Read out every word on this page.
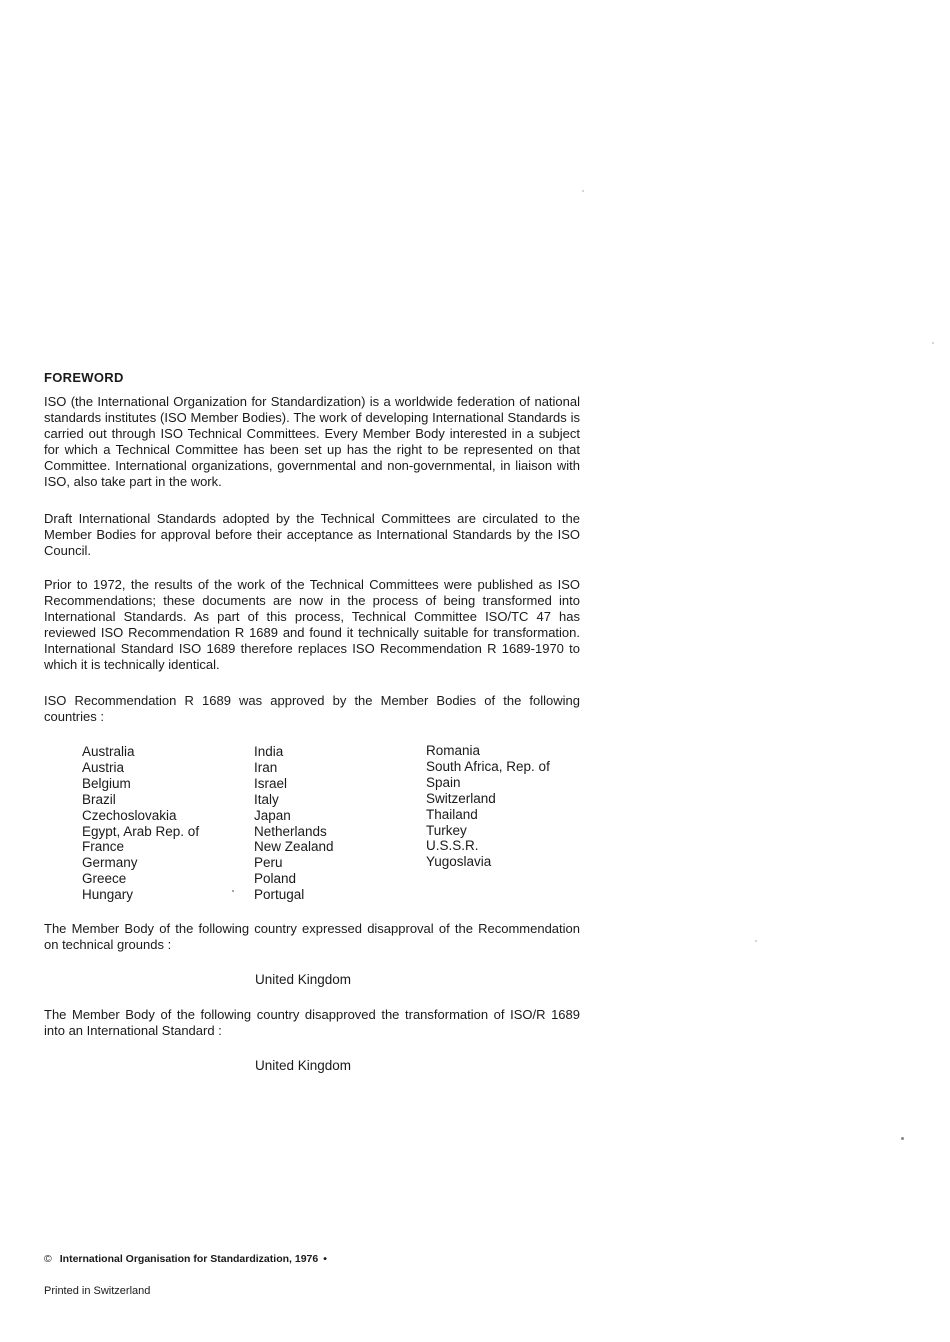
FOREWORD

ISO (the International Organization for Standardization) is a worldwide federation of national standards institutes (ISO Member Bodies). The work of developing International Standards is carried out through ISO Technical Committees. Every Member Body interested in a subject for which a Technical Committee has been set up has the right to be represented on that Committee. International organizations, governmental and non-governmental, in liaison with ISO, also take part in the work.

Draft International Standards adopted by the Technical Committees are circulated to the Member Bodies for approval before their acceptance as International Standards by the ISO Council.

Prior to 1972, the results of the work of the Technical Committees were published as ISO Recommendations; these documents are now in the process of being transformed into International Standards. As part of this process, Technical Committee ISO/TC 47 has reviewed ISO Recommendation R 1689 and found it technically suitable for transformation. International Standard ISO 1689 therefore replaces ISO Recommendation R 1689-1970 to which it is technically identical.

ISO Recommendation R 1689 was approved by the Member Bodies of the following countries :

Australia
Austria
Belgium
Brazil
Czechoslovakia
Egypt, Arab Rep. of
France
Germany
Greece
Hungary
India
Iran
Israel
Italy
Japan
Netherlands
New Zealand
Peru
Poland
Portugal
Romania
South Africa, Rep. of
Spain
Switzerland
Thailand
Turkey
U.S.S.R.
Yugoslavia

The Member Body of the following country expressed disapproval of the Recommendation on technical grounds :

United Kingdom

The Member Body of the following country disapproved the transformation of ISO/R 1689 into an International Standard :

United Kingdom

© International Organisation for Standardization, 1976 •

Printed in Switzerland
